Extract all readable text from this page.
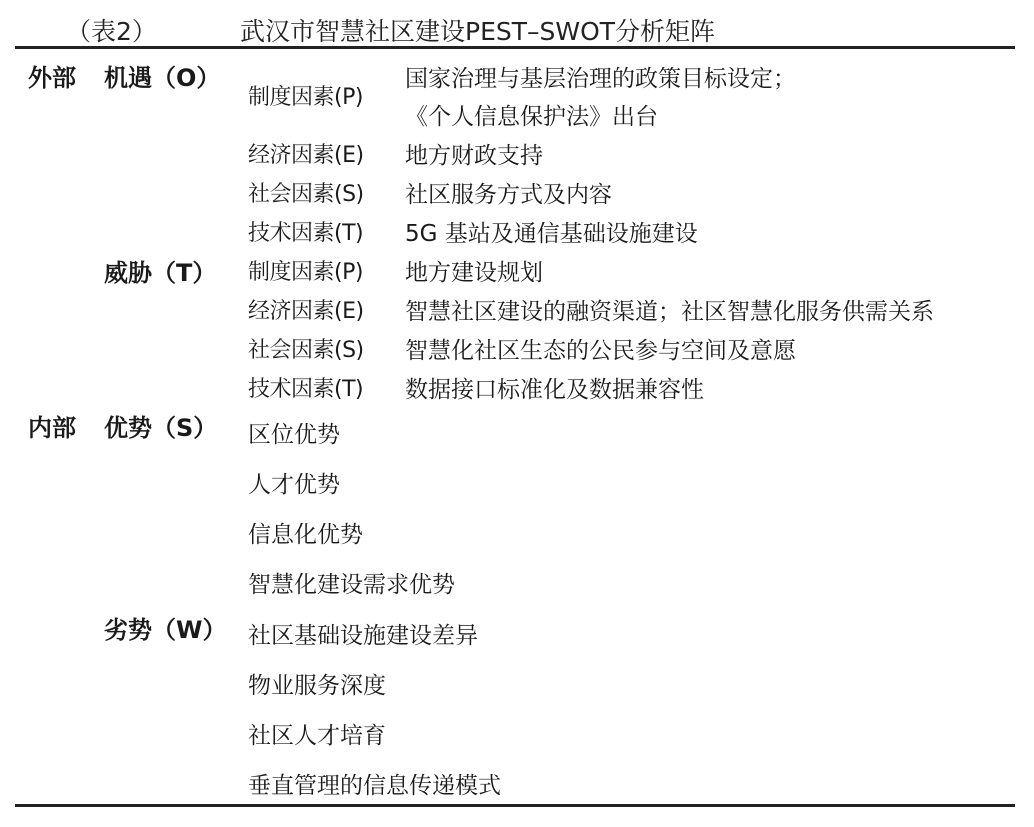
（表2）	武汉市智慧社区建设PEST–SWOT分析矩阵
外部 机遇（O）
制度因素(P)
国家治理与基层治理的政策目标设定；
《个人信息保护法》出台
经济因素(E) 地方财政支持
社会因素(S) 社区服务方式及内容
技术因素(T) 5G 基站及通信基础设施建设
威胁（T） 制度因素(P) 地方建设规划
经济因素(E) 智慧社区建设的融资渠道；社区智慧化服务供需关系
社会因素(S) 智慧化社区生态的公民参与空间及意愿
技术因素(T) 数据接口标准化及数据兼容性
内部 优势（S） 区位优势
人才优势
信息化优势
智慧化建设需求优势
劣势（W） 社区基础设施建设差异
物业服务深度
社区人才培育
垂直管理的信息传递模式
